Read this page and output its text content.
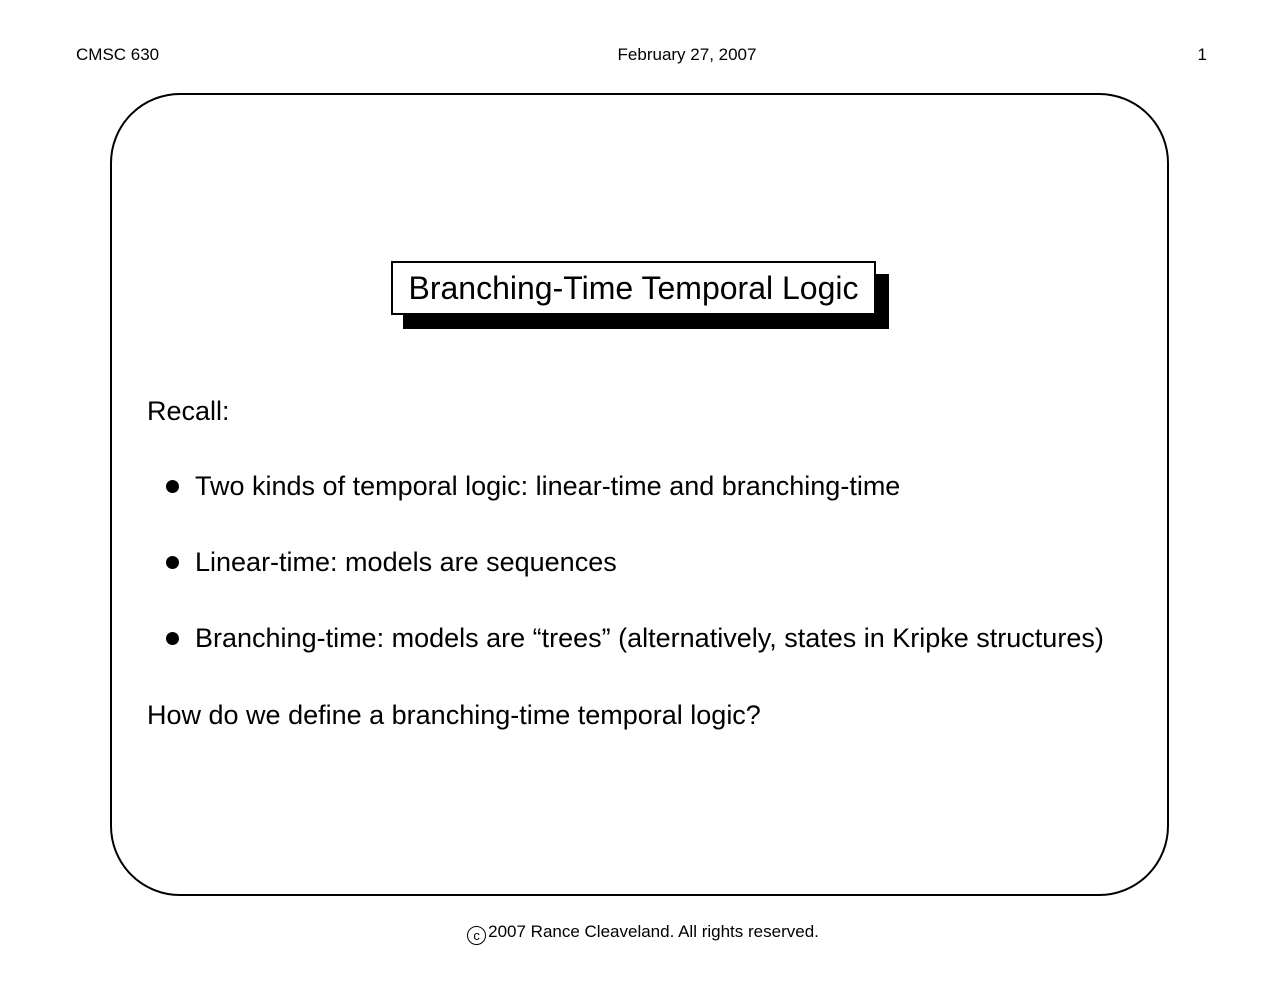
CMSC 630	February 27, 2007	1
Branching-Time Temporal Logic
Recall:
Two kinds of temporal logic: linear-time and branching-time
Linear-time: models are sequences
Branching-time: models are “trees” (alternatively, states in Kripke structures)
How do we define a branching-time temporal logic?
c 2007 Rance Cleaveland. All rights reserved.
